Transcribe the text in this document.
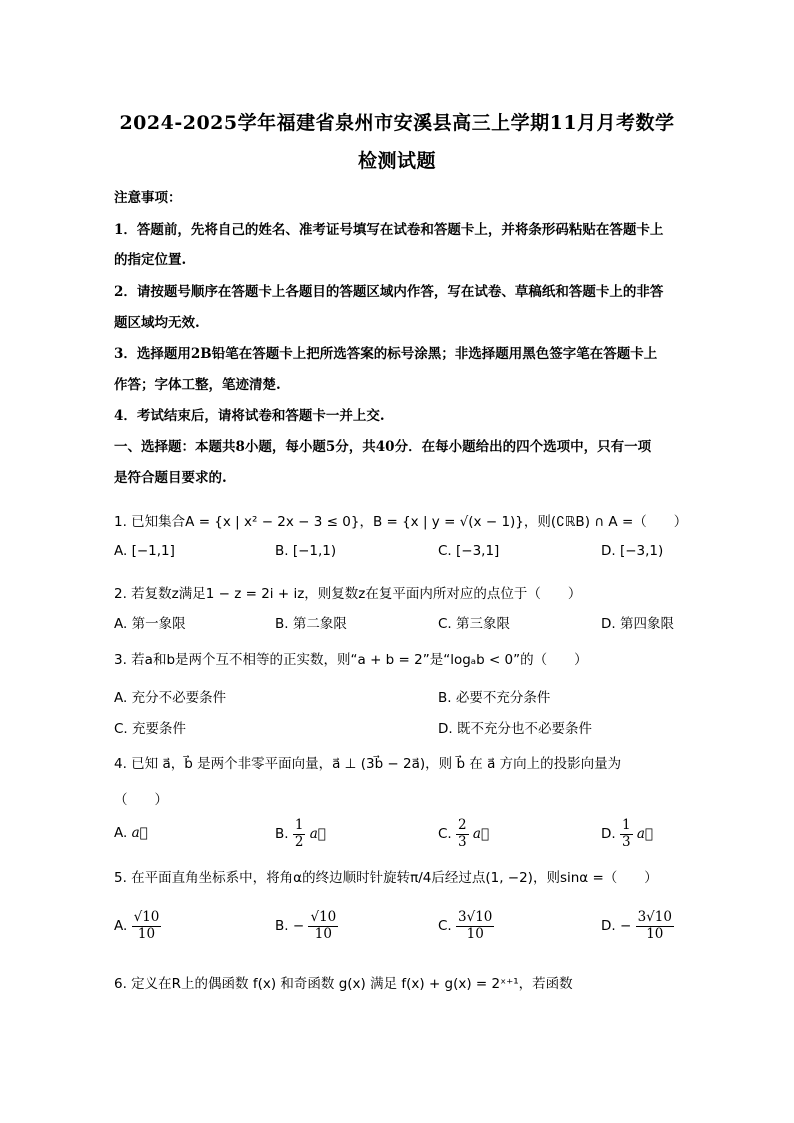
2024-2025学年福建省泉州市安溪县高三上学期11月月考数学
检测试题
注意事项：
1．答题前，先将自己的姓名、准考证号填写在试卷和答题卡上，并将条形码粘贴在答题卡上
的指定位置.
2．请按题号顺序在答题卡上各题目的答题区域内作答，写在试卷、草稿纸和答题卡上的非答
题区域均无效.
3．选择题用2B铅笔在答题卡上把所选答案的标号涂黑；非选择题用黑色签字笔在答题卡上
作答；字体工整，笔迹清楚.
4．考试结束后，请将试卷和答题卡一并上交.
一、选择题：本题共8小题，每小题5分，共40分．在每小题给出的四个选项中，只有一项
是符合题目要求的.
1. 已知集合A = {x | x² − 2x − 3 ≤ 0}，B = {x | y = √(x − 1)}，则(∁ℝB) ∩ A =（　　）
A. [−1,1]	B. [−1,1)	C. [−3,1]	D. [−3,1)
2. 若复数z满足1 − z = 2i + iz，则复数z在复平面内所对应的点位于（　　）
A. 第一象限	B. 第二象限	C. 第三象限	D. 第四象限
3. 若a和b是两个互不相等的正实数，则“a + b = 2”是“logₐb < 0”的（　　）
A. 充分不必要条件	B. 必要不充分条件
C. 充要条件	D. 既不充分也不必要条件
4. 已知 a⃗，b⃗ 是两个非零平面向量，a⃗ ⊥ (3b⃗ − 2a⃗)，则 b⃗ 在 a⃗ 方向上的投影向量为
（　　）
A. a⃗	B. $\frac{1}{2}$ a⃗	C. $\frac{2}{3}$ a⃗	D. $\frac{1}{3}$ a⃗
5. 在平面直角坐标系中，将角α的终边顺时针旋转π/4后经过点(1, −2)，则sinα =（　　）
A. $\frac{√10}{10}$	B. − $\frac{√10}{10}$	C. $\frac{3√10}{10}$	D. − $\frac{3√10}{10}$
6. 定义在R上的偶函数 f(x) 和奇函数 g(x) 满足 f(x) + g(x) = 2ˣ⁺¹，若函数
